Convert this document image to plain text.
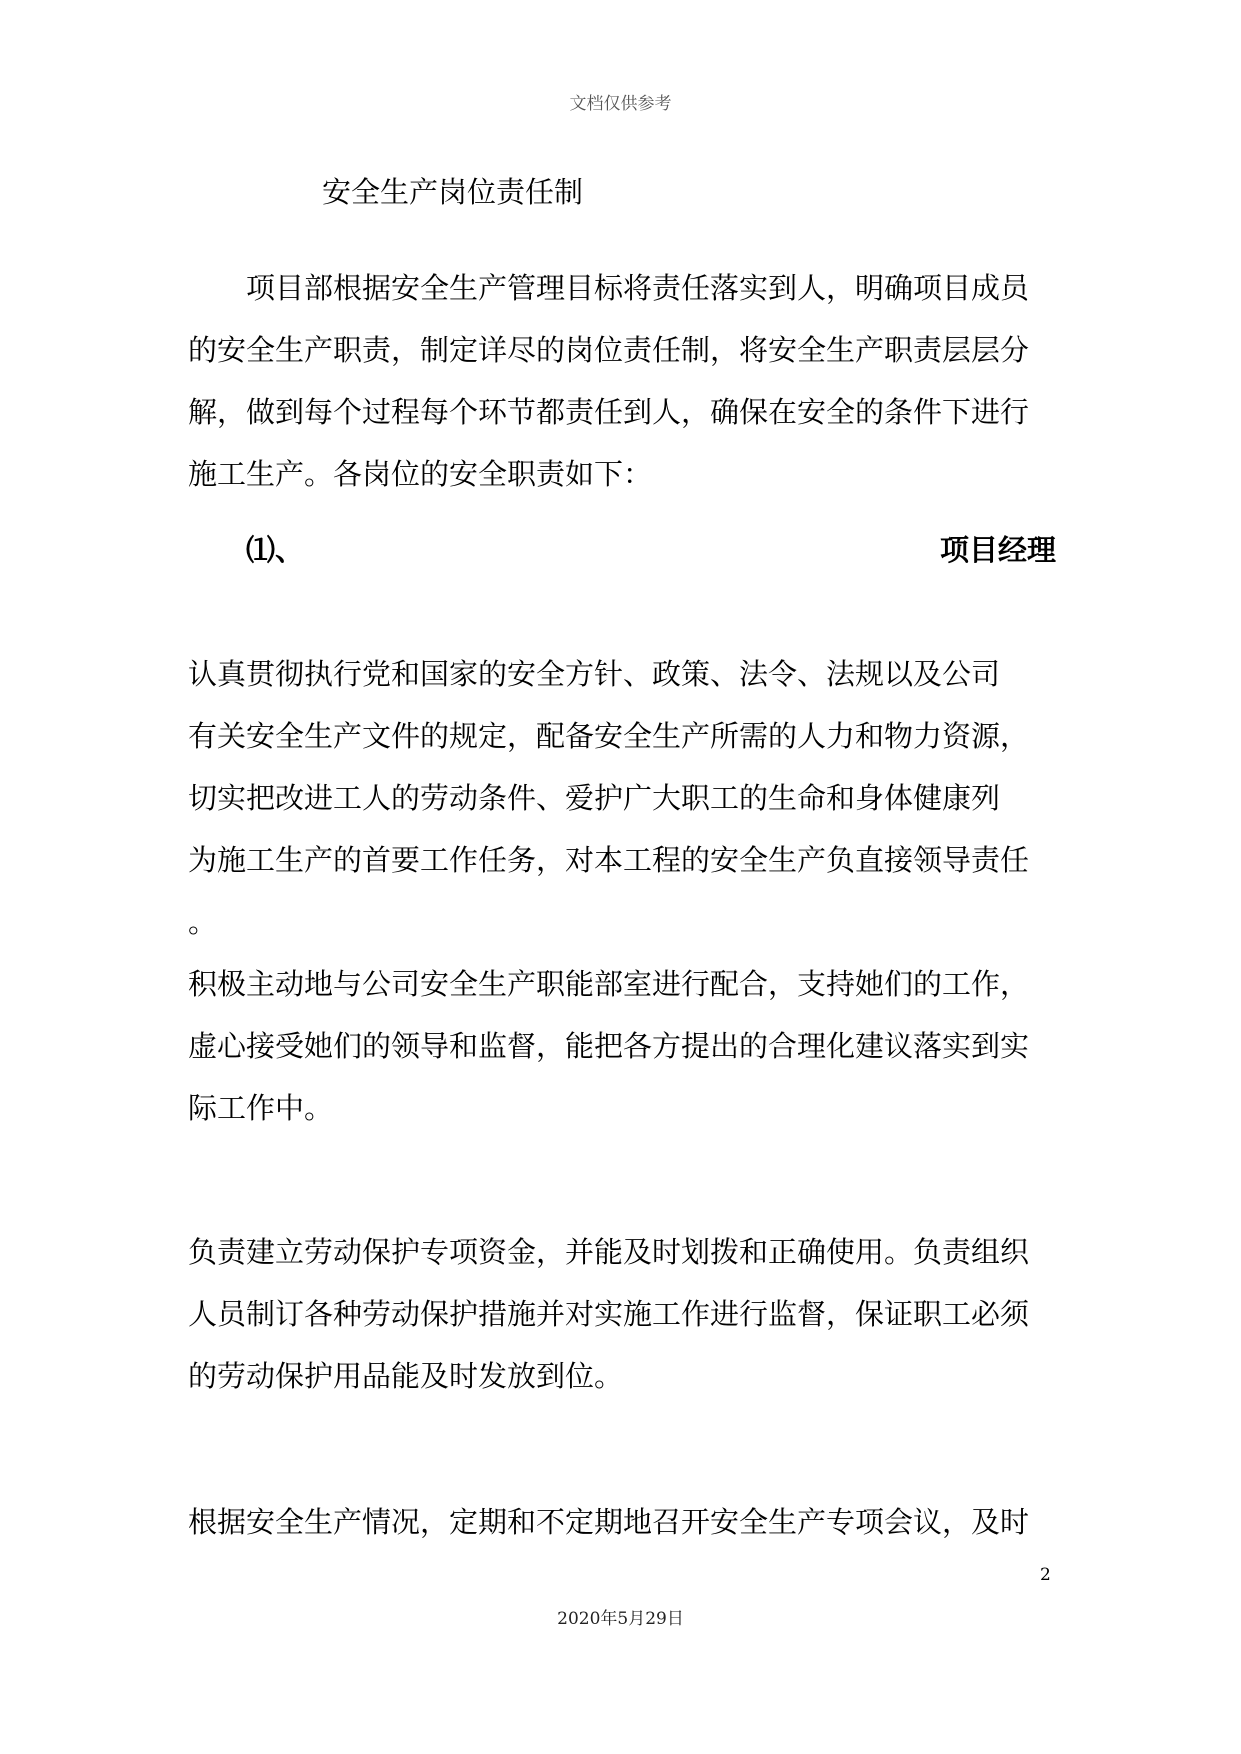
文档仅供参考
安全生产岗位责任制

　　项目部根据安全生产管理目标将责任落实到人，明确项目成员

的安全生产职责，制定详尽的岗位责任制，将安全生产职责层层分

解，做到每个过程每个环节都责任到人，确保在安全的条件下进行

施工生产。各岗位的安全职责如下：

⑴、	项目经理

认真贯彻执行党和国家的安全方针、政策、法令、法规以及公司

有关安全生产文件的规定，配备安全生产所需的人力和物力资源，

切实把改进工人的劳动条件、爱护广大职工的生命和身体健康列

为施工生产的首要工作任务，对本工程的安全生产负直接领导责任

。

积极主动地与公司安全生产职能部室进行配合，支持她们的工作，

虚心接受她们的领导和监督，能把各方提出的合理化建议落实到实

际工作中。

负责建立劳动保护专项资金，并能及时划拨和正确使用。负责组织

人员制订各种劳动保护措施并对实施工作进行监督，保证职工必须

的劳动保护用品能及时发放到位。

根据安全生产情况，定期和不定期地召开安全生产专项会议，及时

2
2020年5月29日
